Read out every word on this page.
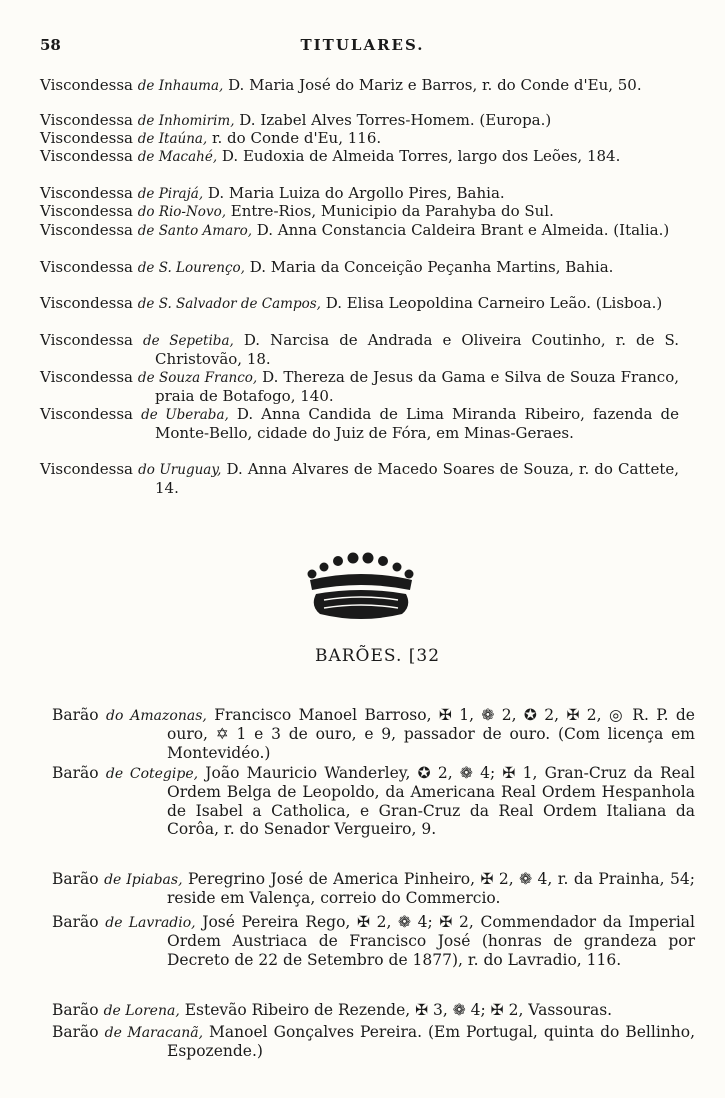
58	TITULARES.

Viscondessa de Inhauma, D. Maria José do Mariz e Barros, r. do Conde d'Eu, 50.

Viscondessa de Inhomirim, D. Izabel Alves Torres-Homem. (Europa.)

Viscondessa de Itaúna, r. do Conde d'Eu, 116.

Viscondessa de Macahé, D. Eudoxia de Almeida Torres, largo dos Leões, 184.

Viscondessa de Pirajá, D. Maria Luiza do Argollo Pires, Bahia.

Viscondessa do Rio-Novo, Entre-Rios, Municipio da Parahyba do Sul.

Viscondessa de Santo Amaro, D. Anna Constancia Caldeira Brant e Almeida. (Italia.)

Viscondessa de S. Lourenço, D. Maria da Conceição Peçanha Martins, Bahia.

Viscondessa de S. Salvador de Campos, D. Elisa Leopoldina Carneiro Leão. (Lisboa.)

Viscondessa de Sepetiba, D. Narcisa de Andrada e Oliveira Coutinho, r. de S. Christovão, 18.

Viscondessa de Souza Franco, D. Thereza de Jesus da Gama e Silva de Souza Franco, praia de Botafogo, 140.

Viscondessa de Uberaba, D. Anna Candida de Lima Miranda Ribeiro, fazenda de Monte-Bello, cidade do Juiz de Fóra, em Minas-Geraes.

Viscondessa do Uruguay, D. Anna Alvares de Macedo Soares de Souza, r. do Cattete, 14.

BARÕES. [32

Barão do Amazonas, Francisco Manoel Barroso, ✠ 1, ❁ 2, ✪ 2, ✠ 2, ◎ R. P. de ouro, ✡ 1 e 3 de ouro, e 9, passador de ouro. (Com licença em Montevidéo.)

Barão de Cotegipe, João Mauricio Wanderley, ✪ 2, ❁ 4; ✠ 1, Gran-Cruz da Real Ordem Belga de Leopoldo, da Americana Real Ordem Hespanhola de Isabel a Catholica, e Gran-Cruz da Real Ordem Italiana da Corôa, r. do Senador Vergueiro, 9.

Barão de Ipiabas, Peregrino José de America Pinheiro, ✠ 2, ❁ 4, r. da Prainha, 54; reside em Valença, correio do Commercio.

Barão de Lavradio, José Pereira Rego, ✠ 2, ❁ 4; ✠ 2, Commendador da Imperial Ordem Austriaca de Francisco José (honras de grandeza por Decreto de 22 de Setembro de 1877), r. do Lavradio, 116.

Barão de Lorena, Estevão Ribeiro de Rezende, ✠ 3, ❁ 4; ✠ 2, Vassouras.

Barão de Maracanã, Manoel Gonçalves Pereira. (Em Portugal, quinta do Bellinho, Espozende.)
